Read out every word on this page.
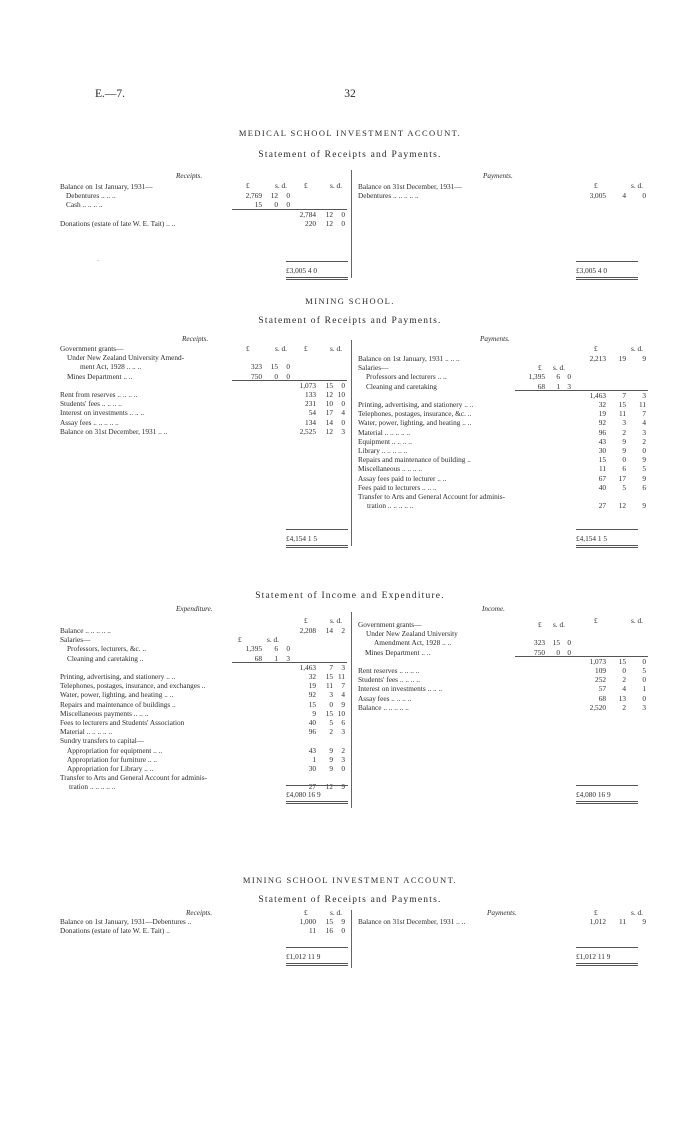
E.—7.	32
MEDICAL SCHOOL INVESTMENT ACCOUNT.
Statement of Receipts and Payments.
Receipts.
£	s. d.
£	s. d.
Balance on 1st January, 1931—
Debentures .. .. ..	2,769 12 0
Cash .. .. .. ..	15 0 0
2,784 12 0
Donations (estate of late W. E. Tait) .. ..	220 12 0
£3,005 4 0
Payments.
£	s. d.
Balance on 31st December, 1931—
Debentures .. .. .. .. ..	3,005 4 0
£3,005 4 0
MINING SCHOOL.
Statement of Receipts and Payments.
Receipts.
£	s. d.
£	s. d.
Government grants—
Under New Zealand University Amend-
ment Act, 1928 .. .. ..	323 15 0
Mines Department .. ..	750 0 0
1,073 15 0
Rent from reserves .. .. .. ..	133 12 10
Students' fees .. .. .. ..	231 10 0
Interest on investments .. .. ..	54 17 4
Assay fees .. .. .. .. ..	134 14 0
Balance on 31st December, 1931 .. ..	2,525 12 3
£4,154 1 5
Payments.
£	s. d.
Balance on 1st January, 1931 .. .. ..	2,213 19 9
Salaries—	£ s. d.
Professors and lecturers .. ..	1,395 6 0
Cleaning and caretaking	68 1 3
1,463 7 3
Printing, advertising, and stationery .. ..	32 15 11
Telephones, postages, insurance, &c. ..	19 11 7
Water, power, lighting, and heating .. ..	92 3 4
Material .. .. .. .. ..	96 2 3
Equipment .. .. .. ..	43 9 2
Library .. .. .. .. ..	30 9 0
Repairs and maintenance of building ..	15 0 9
Miscellaneous .. .. .. ..	11 6 5
Assay fees paid to lecturer .. ..	67 17 9
Fees paid to lecturers .. .. ..	40 5 6
Transfer to Arts and General Account for adminis-
tration .. .. .. .. ..	27 12 9
£4,154 1 5
Statement of Income and Expenditure.
Expenditure.
£	s. d.
Balance .. .. .. .. ..	2,208 14 2
Salaries—	£	s. d.
Professors, lecturers, &c. ..	1,395 6 0
Cleaning and caretaking ..	68 1 3
1,463 7 3
Printing, advertising, and stationery .. ..	32 15 11
Telephones, postages, insurance, and exchanges ..	19 11 7
Water, power, lighting, and heating .. ..	92 3 4
Repairs and maintenance of buildings ..	15 0 9
Miscellaneous payments .. .. ..	9 15 10
Fees to lecturers and Students' Association	40 5 6
Material .. .. .. .. ..	96 2 3
Sundry transfers to capital—
Appropriation for equipment .. ..	43 9 2
Appropriation for furniture .. ..	1 9 3
Appropriation for Library .. ..	30 9 0
Transfer to Arts and General Account for adminis-
tration .. .. .. .. ..	27 12 9
£4,080 16 9
Income.
£	s. d.
Government grants—	£ s. d.
Under New Zealand University
Amendment Act, 1928 .. ..	323 15 0
Mines Department .. ..	750 0 0
1,073 15 0
Rent reserves .. .. .. ..	109 0 5
Students' fees .. .. .. ..	252 2 0
Interest on investments .. .. ..	57 4 1
Assay fees .. .. .. ..	68 13 0
Balance .. .. .. .. ..	2,520 2 3
£4,080 16 9
MINING SCHOOL INVESTMENT ACCOUNT.
Statement of Receipts and Payments.
Receipts.	£	s. d.
Balance on 1st January, 1931—Debentures ..	1,000 15 9
Donations (estate of late W. E. Tait) ..	11 16 0
£1,012 11 9
Payments.	£	s. d.
Balance on 31st December, 1931 .. ..	1,012 11 9
£1,012 11 9
-
